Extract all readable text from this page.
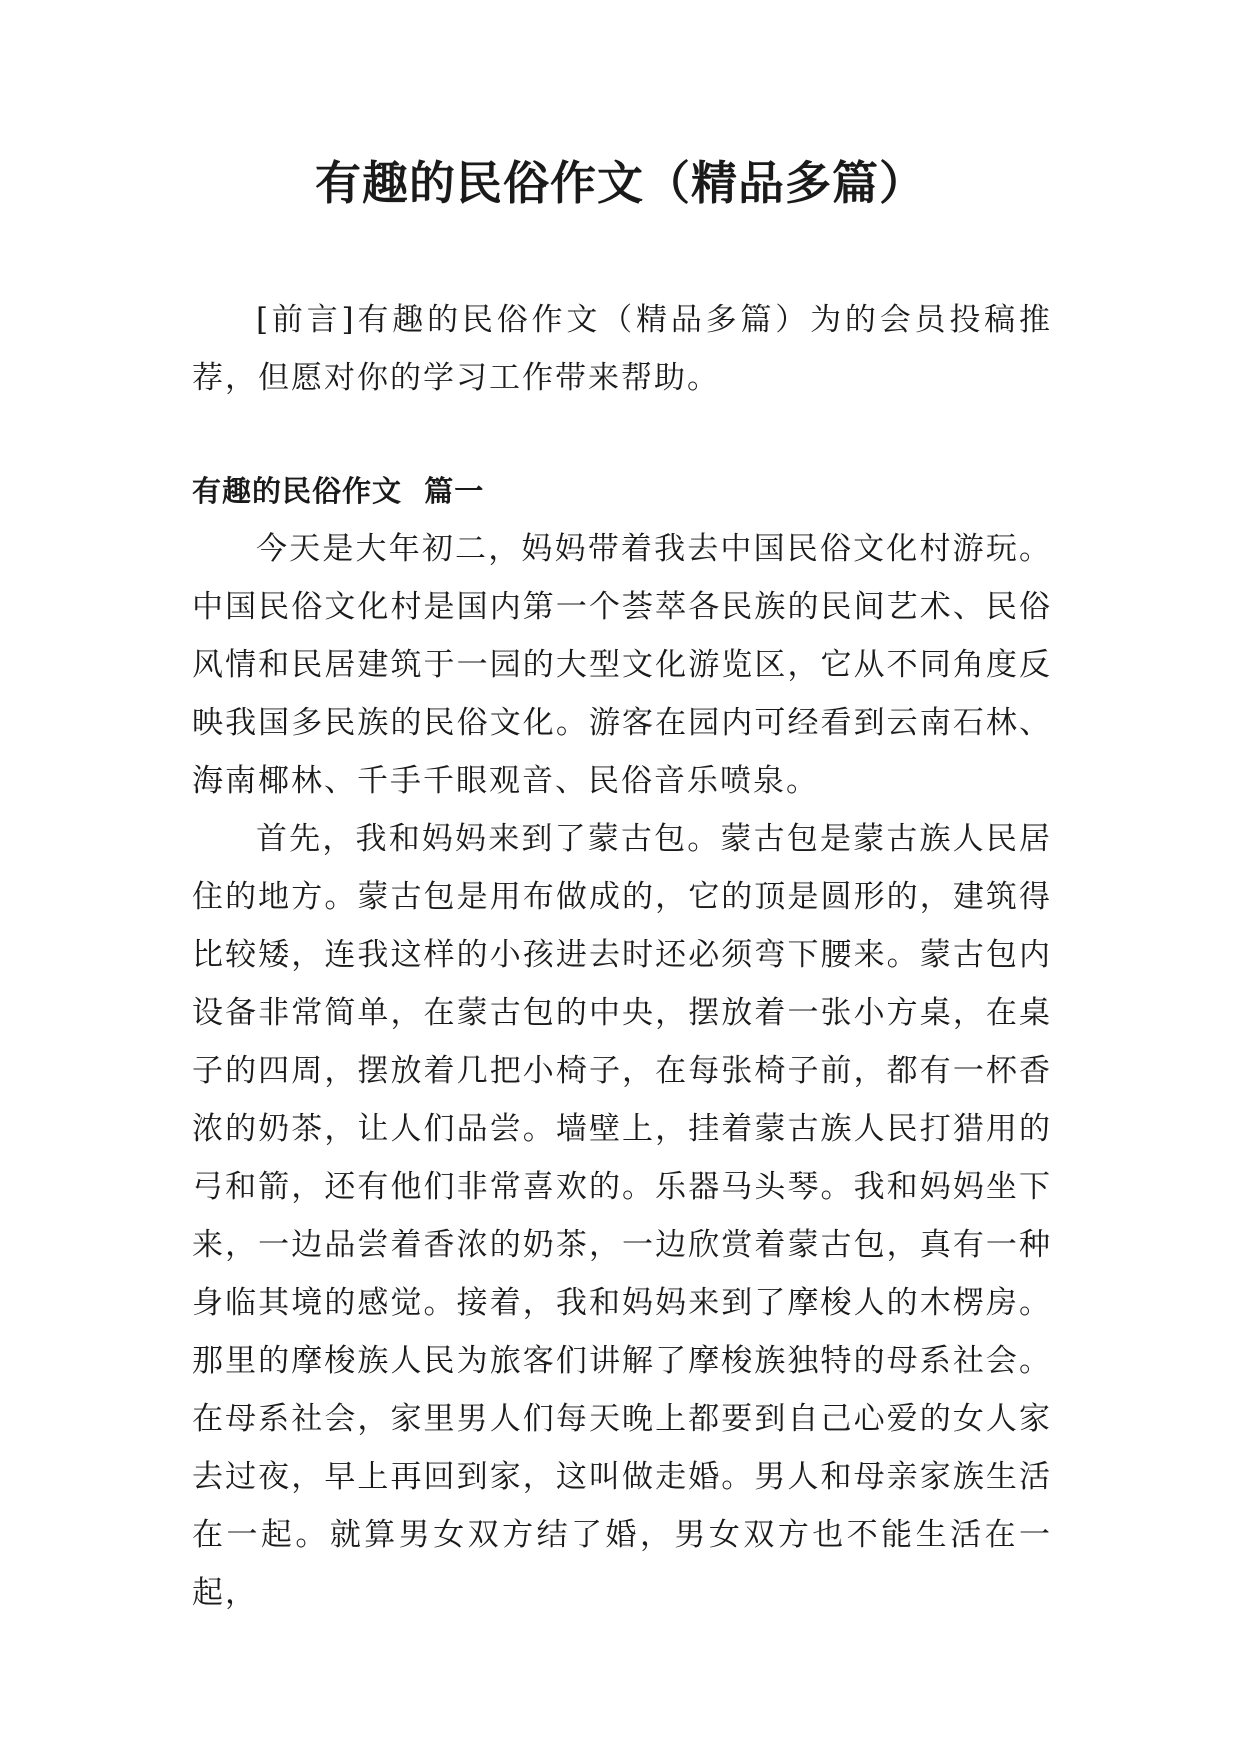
有趣的民俗作文（精品多篇）

[前言]有趣的民俗作文（精品多篇）为的会员投稿推荐，但愿对你的学习工作带来帮助。

有趣的民俗作文  篇一

今天是大年初二，妈妈带着我去中国民俗文化村游玩。中国民俗文化村是国内第一个荟萃各民族的民间艺术、民俗风情和民居建筑于一园的大型文化游览区，它从不同角度反映我国多民族的民俗文化。游客在园内可经看到云南石林、海南椰林、千手千眼观音、民俗音乐喷泉。

首先，我和妈妈来到了蒙古包。蒙古包是蒙古族人民居住的地方。蒙古包是用布做成的，它的顶是圆形的，建筑得比较矮，连我这样的小孩进去时还必须弯下腰来。蒙古包内设备非常简单，在蒙古包的中央，摆放着一张小方桌，在桌子的四周，摆放着几把小椅子，在每张椅子前，都有一杯香浓的奶茶，让人们品尝。墙壁上，挂着蒙古族人民打猎用的弓和箭，还有他们非常喜欢的。乐器马头琴。我和妈妈坐下来，一边品尝着香浓的奶茶，一边欣赏着蒙古包，真有一种身临其境的感觉。接着，我和妈妈来到了摩梭人的木楞房。那里的摩梭族人民为旅客们讲解了摩梭族独特的母系社会。在母系社会，家里男人们每天晚上都要到自己心爱的女人家去过夜，早上再回到家，这叫做走婚。男人和母亲家族生活在一起。就算男女双方结了婚，男女双方也不能生活在一起，
